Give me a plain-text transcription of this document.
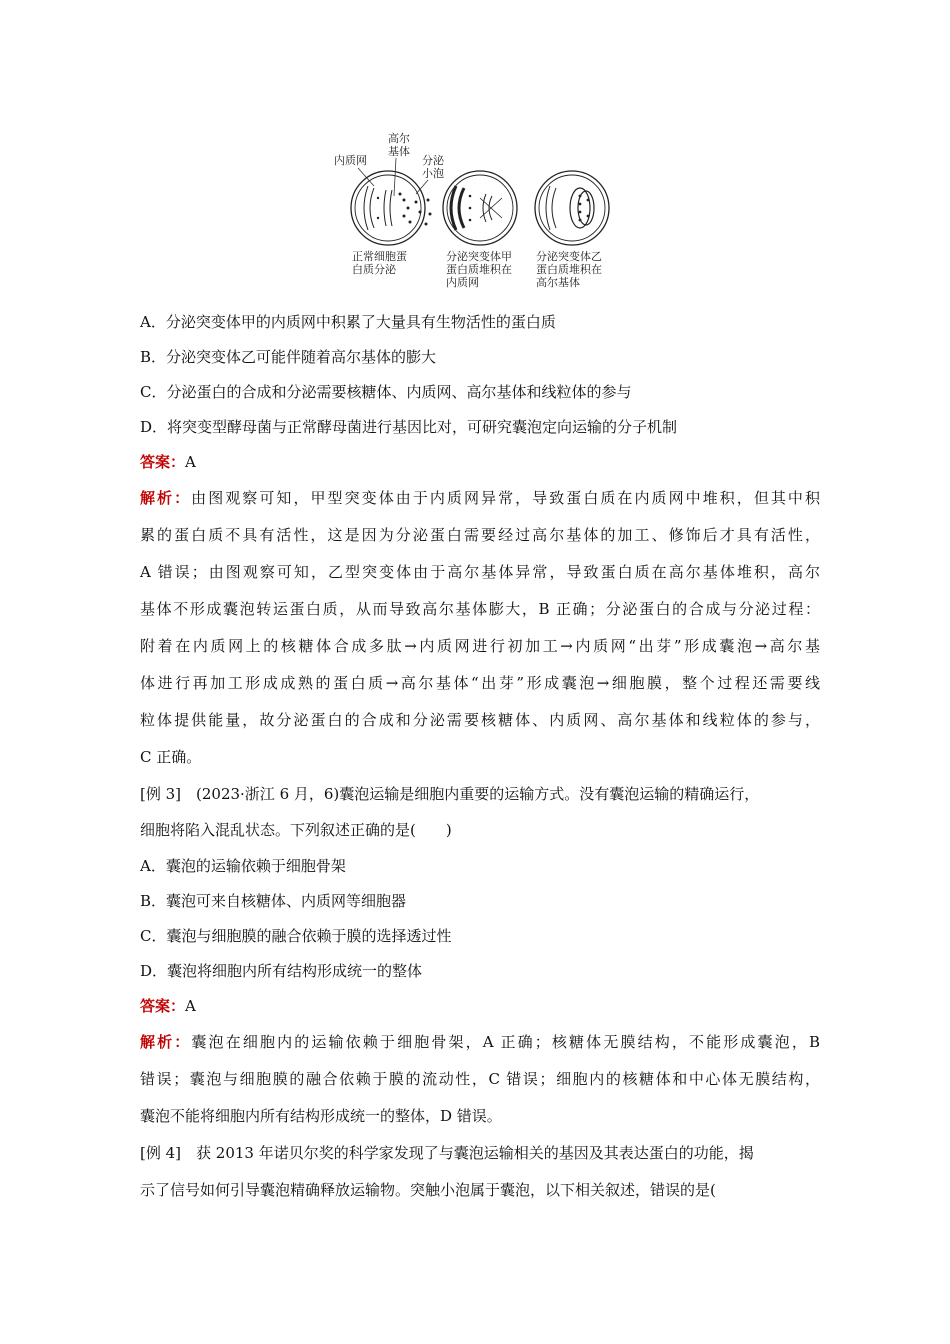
高尔
基体
内质网	分泌
小泡
正常细胞蛋
白质分泌
分泌突变体甲
蛋白质堆积在
内质网
分泌突变体乙
蛋白质堆积在
高尔基体
A．分泌突变体甲的内质网中积累了大量具有生物活性的蛋白质
B．分泌突变体乙可能伴随着高尔基体的膨大
C．分泌蛋白的合成和分泌需要核糖体、内质网、高尔基体和线粒体的参与
D．将突变型酵母菌与正常酵母菌进行基因比对，可研究囊泡定向运输的分子机制
答案：A
解析：由图观察可知，甲型突变体由于内质网异常，导致蛋白质在内质网中堆积，但其中积
累的蛋白质不具有活性，这是因为分泌蛋白需要经过高尔基体的加工、修饰后才具有活性，
A 错误；由图观察可知，乙型突变体由于高尔基体异常，导致蛋白质在高尔基体堆积，高尔
基体不形成囊泡转运蛋白质，从而导致高尔基体膨大，B 正确；分泌蛋白的合成与分泌过程：
附着在内质网上的核糖体合成多肽→内质网进行初加工→内质网“出芽”形成囊泡→高尔基
体进行再加工形成成熟的蛋白质→高尔基体“出芽”形成囊泡→细胞膜，整个过程还需要线
粒体提供能量，故分泌蛋白的合成和分泌需要核糖体、内质网、高尔基体和线粒体的参与，
C 正确。
[例 3]　(2023·浙江 6 月，6)囊泡运输是细胞内重要的运输方式。没有囊泡运输的精确运行，
细胞将陷入混乱状态。下列叙述正确的是(　　)
A．囊泡的运输依赖于细胞骨架
B．囊泡可来自核糖体、内质网等细胞器
C．囊泡与细胞膜的融合依赖于膜的选择透过性
D．囊泡将细胞内所有结构形成统一的整体
答案：A
解析：囊泡在细胞内的运输依赖于细胞骨架，A 正确；核糖体无膜结构，不能形成囊泡，B
错误；囊泡与细胞膜的融合依赖于膜的流动性，C 错误；细胞内的核糖体和中心体无膜结构，
囊泡不能将细胞内所有结构形成统一的整体，D 错误。
[例 4]　获 2013 年诺贝尔奖的科学家发现了与囊泡运输相关的基因及其表达蛋白的功能，揭
示了信号如何引导囊泡精确释放运输物。突触小泡属于囊泡，以下相关叙述，错误的是(
